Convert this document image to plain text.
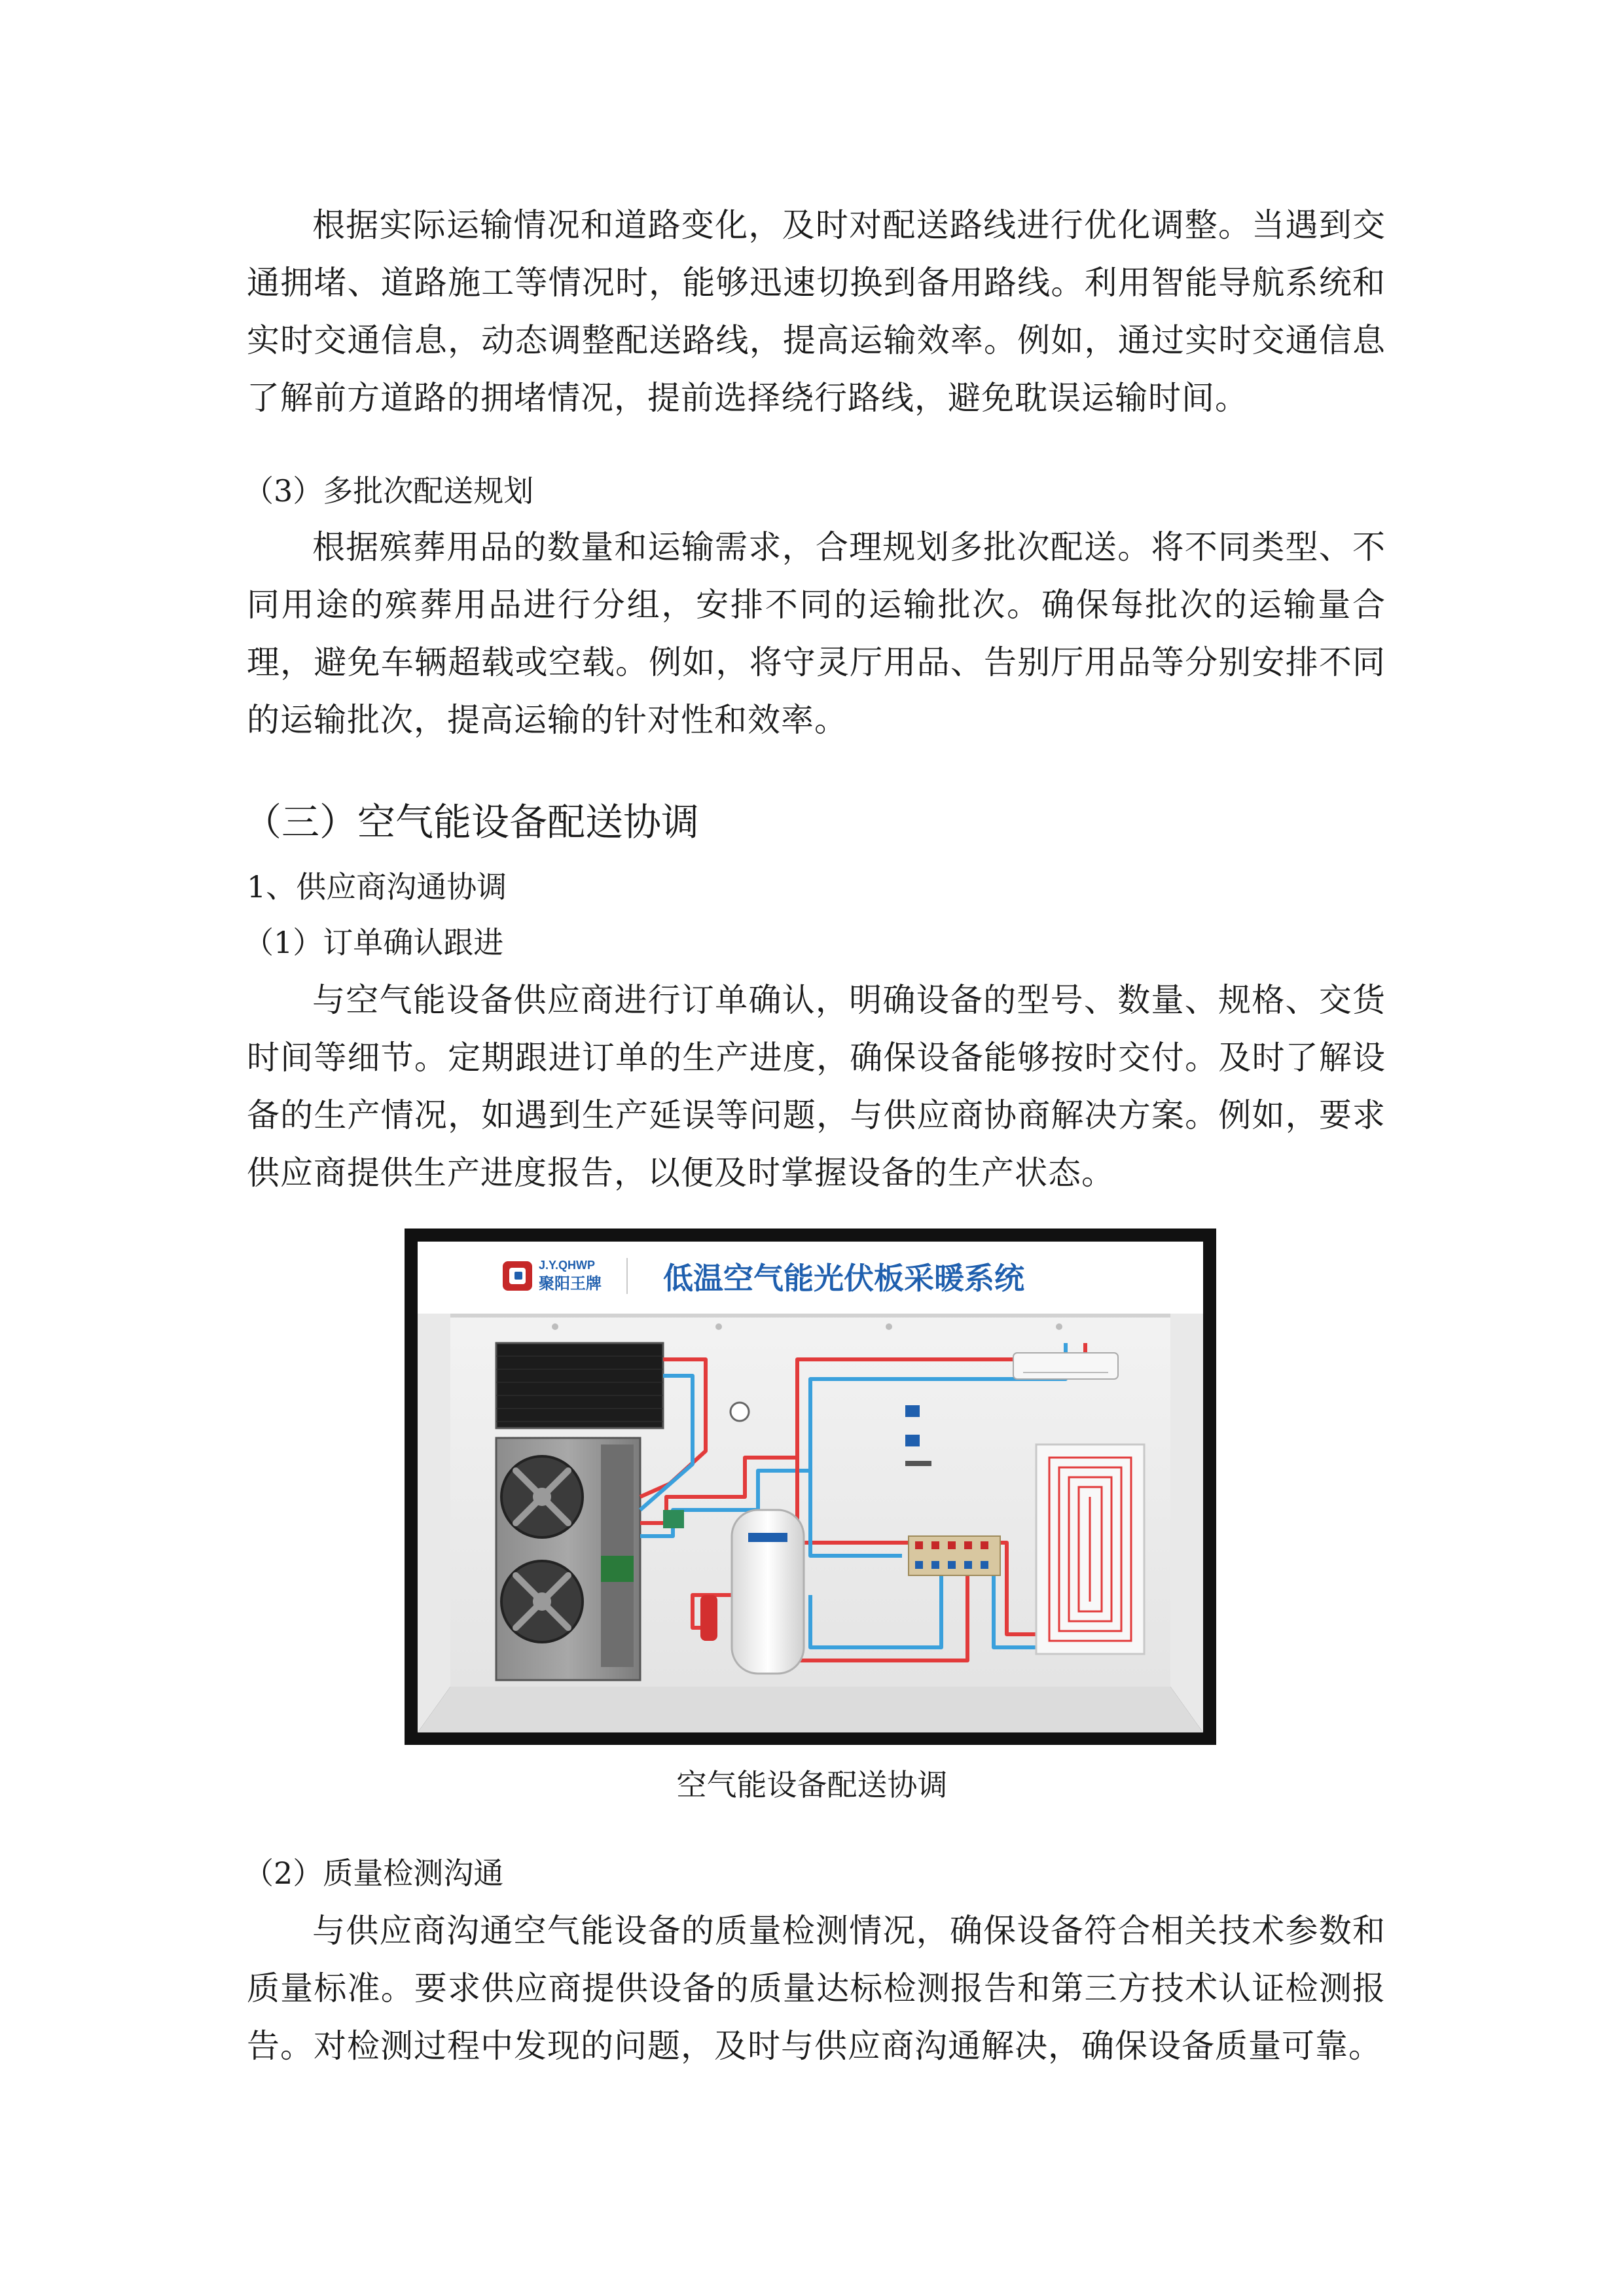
根据实际运输情况和道路变化，及时对配送路线进行优化调整。当遇到交通拥堵、道路施工等情况时，能够迅速切换到备用路线。利用智能导航系统和实时交通信息，动态调整配送路线，提高运输效率。例如，通过实时交通信息了解前方道路的拥堵情况，提前选择绕行路线，避免耽误运输时间。

（3）多批次配送规划

根据殡葬用品的数量和运输需求，合理规划多批次配送。将不同类型、不同用途的殡葬用品进行分组，安排不同的运输批次。确保每批次的运输量合理，避免车辆超载或空载。例如，将守灵厅用品、告别厅用品等分别安排不同的运输批次，提高运输的针对性和效率。

（三）空气能设备配送协调

1、供应商沟通协调

（1）订单确认跟进

与空气能设备供应商进行订单确认，明确设备的型号、数量、规格、交货时间等细节。定期跟进订单的生产进度，确保设备能够按时交付。及时了解设备的生产情况，如遇到生产延误等问题，与供应商协商解决方案。例如，要求供应商提供生产进度报告，以便及时掌握设备的生产状态。

J.Y.QHWP
聚阳王牌 低温空气能光伏板采暖系统

空气能设备配送协调

（2）质量检测沟通

与供应商沟通空气能设备的质量检测情况，确保设备符合相关技术参数和质量标准。要求供应商提供设备的质量达标检测报告和第三方技术认证检测报告。对检测过程中发现的问题，及时与供应商沟通解决，确保设备质量可靠。
